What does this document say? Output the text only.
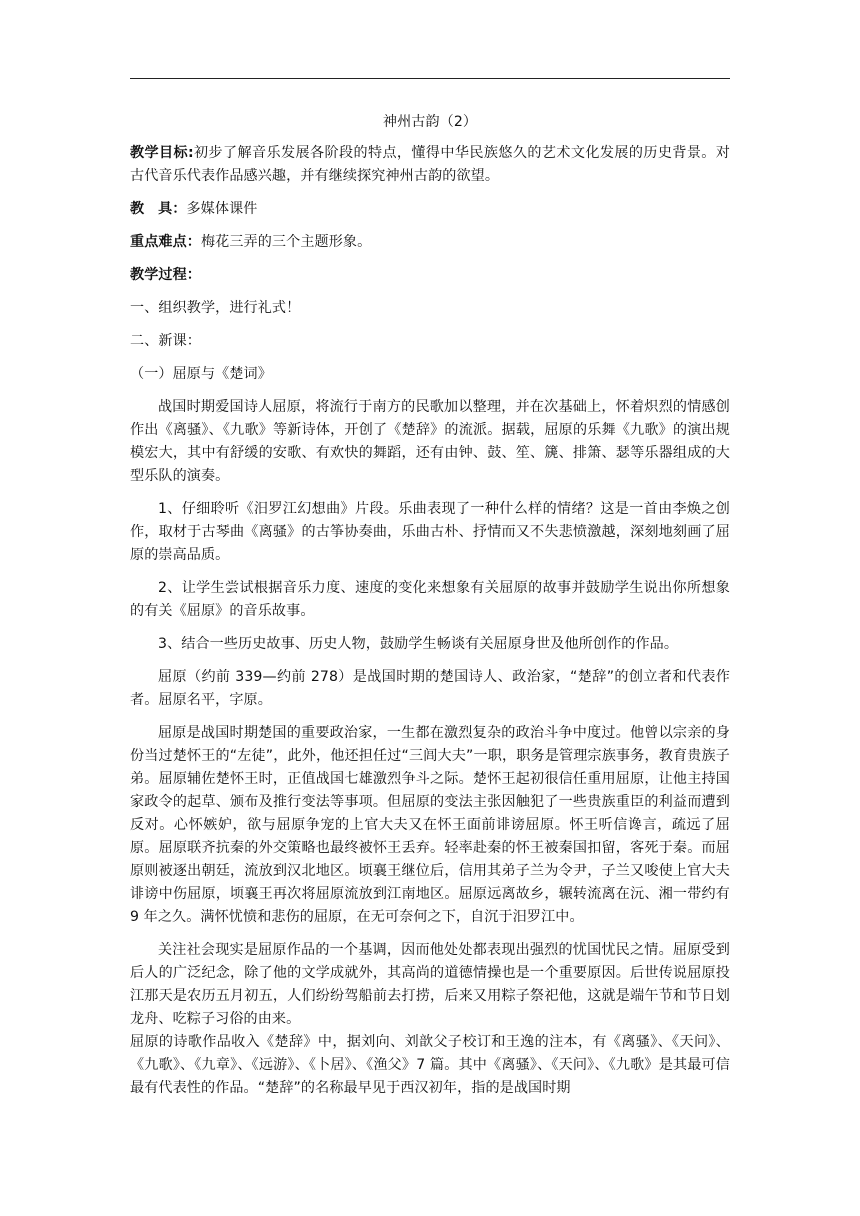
神州古韵（2）

教学目标:初步了解音乐发展各阶段的特点，懂得中华民族悠久的艺术文化发展的历史背景。对古代音乐代表作品感兴趣，并有继续探究神州古韵的欲望。

教具：多媒体课件

重点难点：梅花三弄的三个主题形象。

教学过程：

一、组织教学，进行礼式！

二、新课：

（一）屈原与《楚词》

战国时期爱国诗人屈原，将流行于南方的民歌加以整理，并在次基础上，怀着炽烈的情感创作出《离骚》、《九歌》等新诗体，开创了《楚辞》的流派。据载，屈原的乐舞《九歌》的演出规模宏大，其中有舒缓的安歌、有欢快的舞蹈，还有由钟、鼓、笙、篪、排箫、瑟等乐器组成的大型乐队的演奏。

1、仔细聆听《汨罗江幻想曲》片段。乐曲表现了一种什么样的情绪？这是一首由李焕之创作，取材于古琴曲《离骚》的古筝协奏曲，乐曲古朴、抒情而又不失悲愤激越，深刻地刻画了屈原的崇高品质。

2、让学生尝试根据音乐力度、速度的变化来想象有关屈原的故事并鼓励学生说出你所想象的有关《屈原》的音乐故事。

3、结合一些历史故事、历史人物，鼓励学生畅谈有关屈原身世及他所创作的作品。

屈原（约前 339—约前 278）是战国时期的楚国诗人、政治家，“楚辞”的创立者和代表作者。屈原名平，字原。

屈原是战国时期楚国的重要政治家，一生都在激烈复杂的政治斗争中度过。他曾以宗亲的身份当过楚怀王的“左徒”，此外，他还担任过“三闾大夫”一职，职务是管理宗族事务，教育贵族子弟。屈原辅佐楚怀王时，正值战国七雄激烈争斗之际。楚怀王起初很信任重用屈原，让他主持国家政令的起草、颁布及推行变法等事项。但屈原的变法主张因触犯了一些贵族重臣的利益而遭到反对。心怀嫉妒，欲与屈原争宠的上官大夫又在怀王面前诽谤屈原。怀王听信谗言，疏远了屈原。屈原联齐抗秦的外交策略也最终被怀王丢弃。轻率赴秦的怀王被秦国扣留，客死于秦。而屈原则被逐出朝廷，流放到汉北地区。顷襄王继位后，信用其弟子兰为令尹，子兰又唆使上官大夫诽谤中伤屈原，顷襄王再次将屈原流放到江南地区。屈原远离故乡，辗转流离在沅、湘一带约有 9 年之久。满怀忧愤和悲伤的屈原，在无可奈何之下，自沉于汨罗江中。

关注社会现实是屈原作品的一个基调，因而他处处都表现出强烈的忧国忧民之情。屈原受到后人的广泛纪念，除了他的文学成就外，其高尚的道德情操也是一个重要原因。后世传说屈原投江那天是农历五月初五，人们纷纷驾船前去打捞，后来又用粽子祭祀他，这就是端午节和节日划龙舟、吃粽子习俗的由来。

屈原的诗歌作品收入《楚辞》中，据刘向、刘歆父子校订和王逸的注本，有《离骚》、《天问》、《九歌》、《九章》、《远游》、《卜居》、《渔父》7 篇。其中《离骚》、《天问》、《九歌》是其最可信最有代表性的作品。“楚辞”的名称最早见于西汉初年，指的是战国时期
